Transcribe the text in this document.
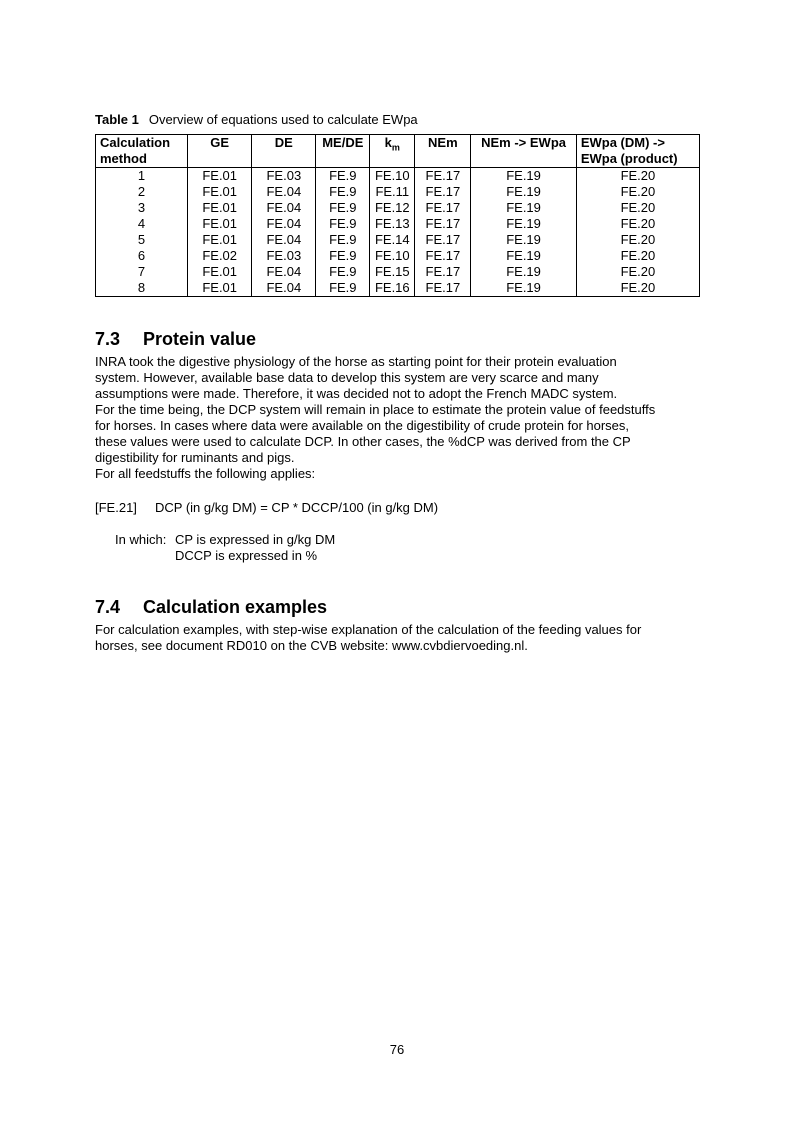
Table 1 Overview of equations used to calculate EWpa
Calculation method	GE	DE	ME/DE	$k_m$	NEm	NEm -> EWpa	EWpa (DM) -> EWpa (product)
1	FE.01	FE.03	FE.9	FE.10	FE.17	FE.19	FE.20
2	FE.01	FE.04	FE.9	FE.11	FE.17	FE.19	FE.20
3	FE.01	FE.04	FE.9	FE.12	FE.17	FE.19	FE.20
4	FE.01	FE.04	FE.9	FE.13	FE.17	FE.19	FE.20
5	FE.01	FE.04	FE.9	FE.14	FE.17	FE.19	FE.20
6	FE.02	FE.03	FE.9	FE.10	FE.17	FE.19	FE.20
7	FE.01	FE.04	FE.9	FE.15	FE.17	FE.19	FE.20
8	FE.01	FE.04	FE.9	FE.16	FE.17	FE.19	FE.20
7.3 Protein value
INRA took the digestive physiology of the horse as starting point for their protein evaluation
system. However, available base data to develop this system are very scarce and many
assumptions were made. Therefore, it was decided not to adopt the French MADC system.
For the time being, the DCP system will remain in place to estimate the protein value of feedstuffs
for horses. In cases where data were available on the digestibility of crude protein for horses,
these values were used to calculate DCP. In other cases, the %dCP was derived from the CP
digestibility for ruminants and pigs.
For all feedstuffs the following applies:
[FE.21] DCP (in g/kg DM) = CP * DCCP/100 (in g/kg DM)
In which: CP is expressed in g/kg DM
DCCP is expressed in %
7.4 Calculation examples
For calculation examples, with step-wise explanation of the calculation of the feeding values for
horses, see document RD010 on the CVB website: www.cvbdiervoeding.nl.
76
